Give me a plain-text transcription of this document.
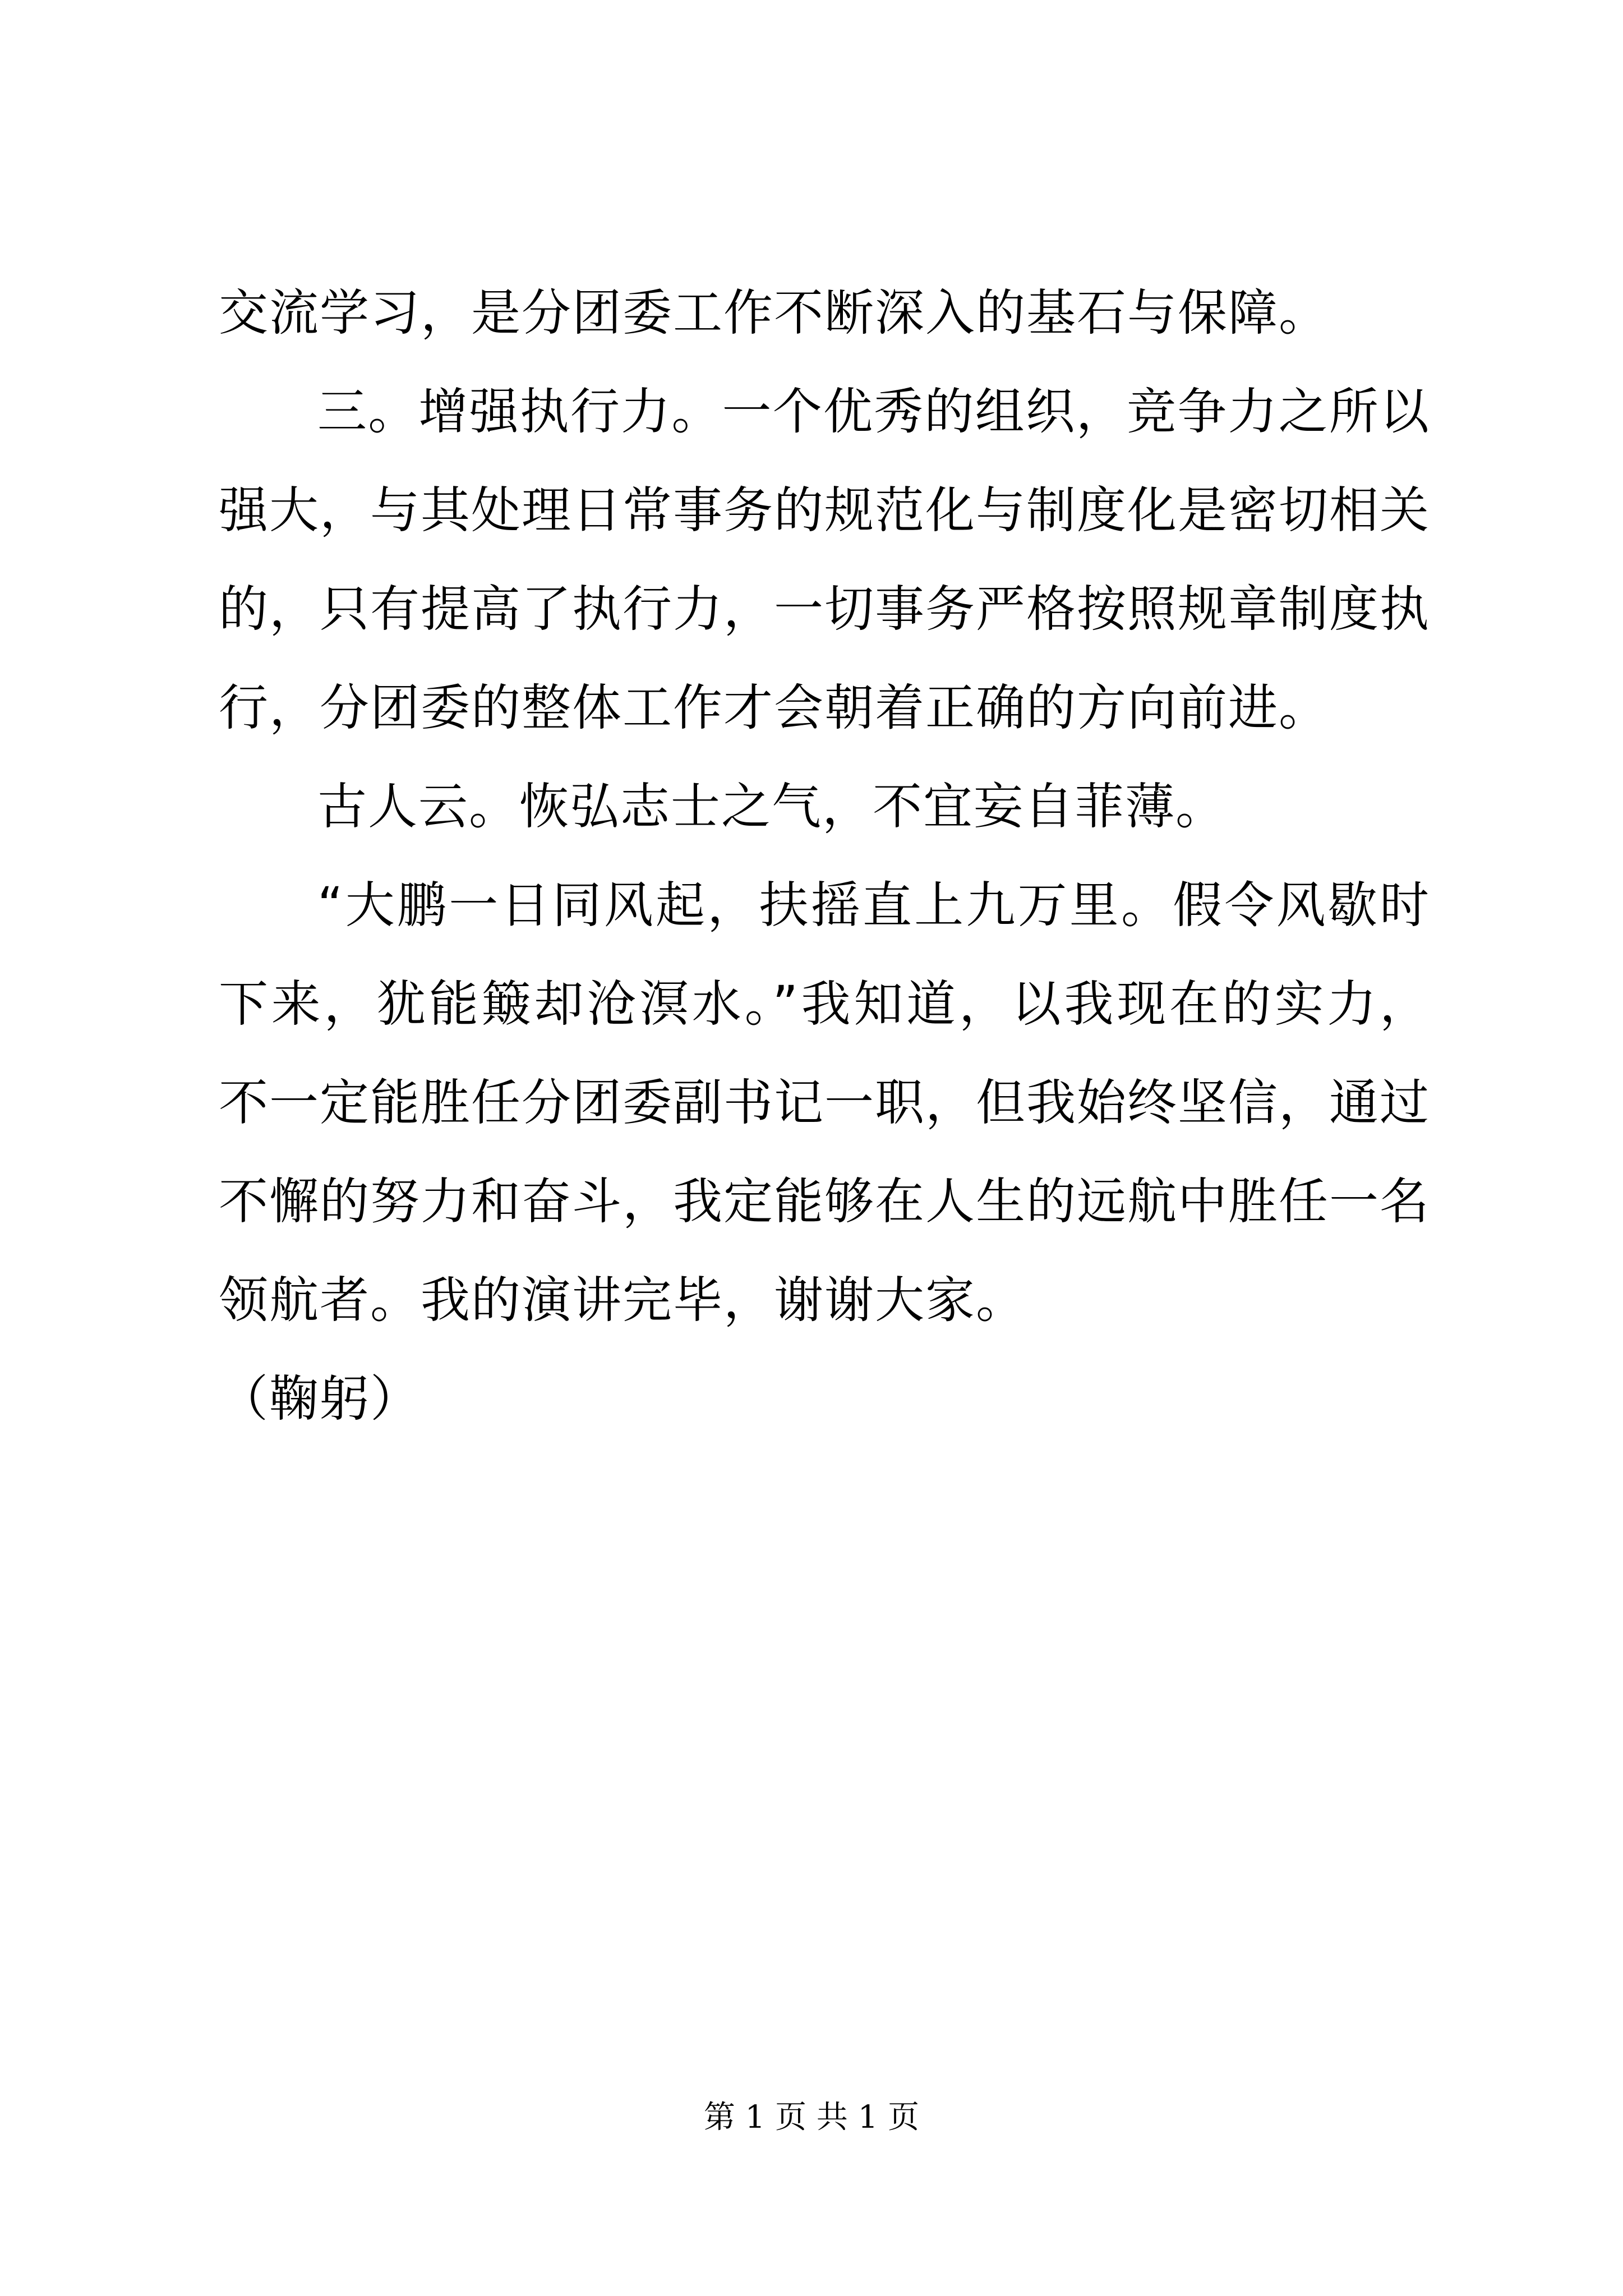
交流学习，是分团委工作不断深入的基石与保障。

三。增强执行力。一个优秀的组织，竞争力之所以强大，与其处理日常事务的规范化与制度化是密切相关的，只有提高了执行力，一切事务严格按照规章制度执行，分团委的整体工作才会朝着正确的方向前进。

古人云。恢弘志士之气，不宜妄自菲薄。

“大鹏一日同风起，扶摇直上九万里。假令风歇时下来，犹能簸却沧溟水。”我知道，以我现在的实力，不一定能胜任分团委副书记一职，但我始终坚信，通过不懈的努力和奋斗，我定能够在人生的远航中胜任一名领航者。我的演讲完毕，谢谢大家。

（鞠躬）

第 1 页 共 1 页
